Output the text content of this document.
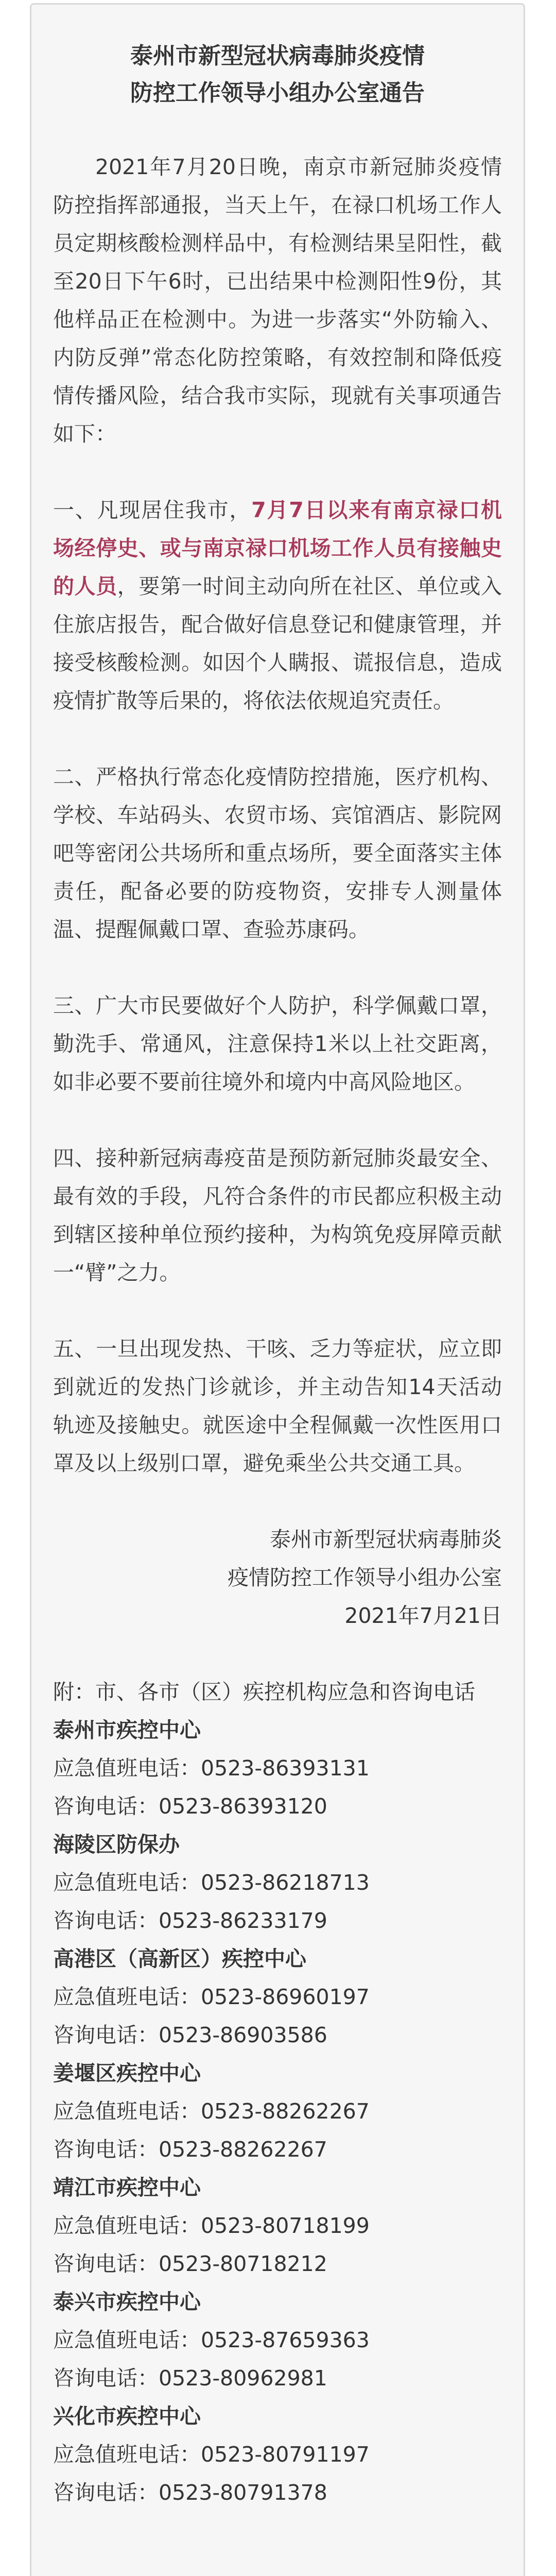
泰州市新型冠状病毒肺炎疫情
防控工作领导小组办公室通告

2021年7月20日晚，南京市新冠肺炎疫情防控指挥部通报，当天上午，在禄口机场工作人员定期核酸检测样品中，有检测结果呈阳性，截至20日下午6时，已出结果中检测阳性9份，其他样品正在检测中。为进一步落实“外防输入、内防反弹”常态化防控策略，有效控制和降低疫情传播风险，结合我市实际，现就有关事项通告如下：

一、凡现居住我市，7月7日以来有南京禄口机场经停史、或与南京禄口机场工作人员有接触史的人员，要第一时间主动向所在社区、单位或入住旅店报告，配合做好信息登记和健康管理，并接受核酸检测。如因个人瞒报、谎报信息，造成疫情扩散等后果的，将依法依规追究责任。

二、严格执行常态化疫情防控措施，医疗机构、学校、车站码头、农贸市场、宾馆酒店、影院网吧等密闭公共场所和重点场所，要全面落实主体责任，配备必要的防疫物资，安排专人测量体温、提醒佩戴口罩、查验苏康码。

三、广大市民要做好个人防护，科学佩戴口罩，勤洗手、常通风，注意保持1米以上社交距离，如非必要不要前往境外和境内中高风险地区。

四、接种新冠病毒疫苗是预防新冠肺炎最安全、最有效的手段，凡符合条件的市民都应积极主动到辖区接种单位预约接种，为构筑免疫屏障贡献一“臂”之力。

五、一旦出现发热、干咳、乏力等症状，应立即到就近的发热门诊就诊，并主动告知14天活动轨迹及接触史。就医途中全程佩戴一次性医用口罩及以上级别口罩，避免乘坐公共交通工具。

泰州市新型冠状病毒肺炎
疫情防控工作领导小组办公室
2021年7月21日

附：市、各市（区）疾控机构应急和咨询电话

泰州市疾控中心

应急值班电话：0523-86393131

咨询电话：0523-86393120

海陵区防保办

应急值班电话：0523-86218713

咨询电话：0523-86233179

高港区（高新区）疾控中心

应急值班电话：0523-86960197

咨询电话：0523-86903586

姜堰区疾控中心

应急值班电话：0523-88262267

咨询电话：0523-88262267

靖江市疾控中心

应急值班电话：0523-80718199

咨询电话：0523-80718212

泰兴市疾控中心

应急值班电话：0523-87659363

咨询电话：0523-80962981

兴化市疾控中心

应急值班电话：0523-80791197

咨询电话：0523-80791378
